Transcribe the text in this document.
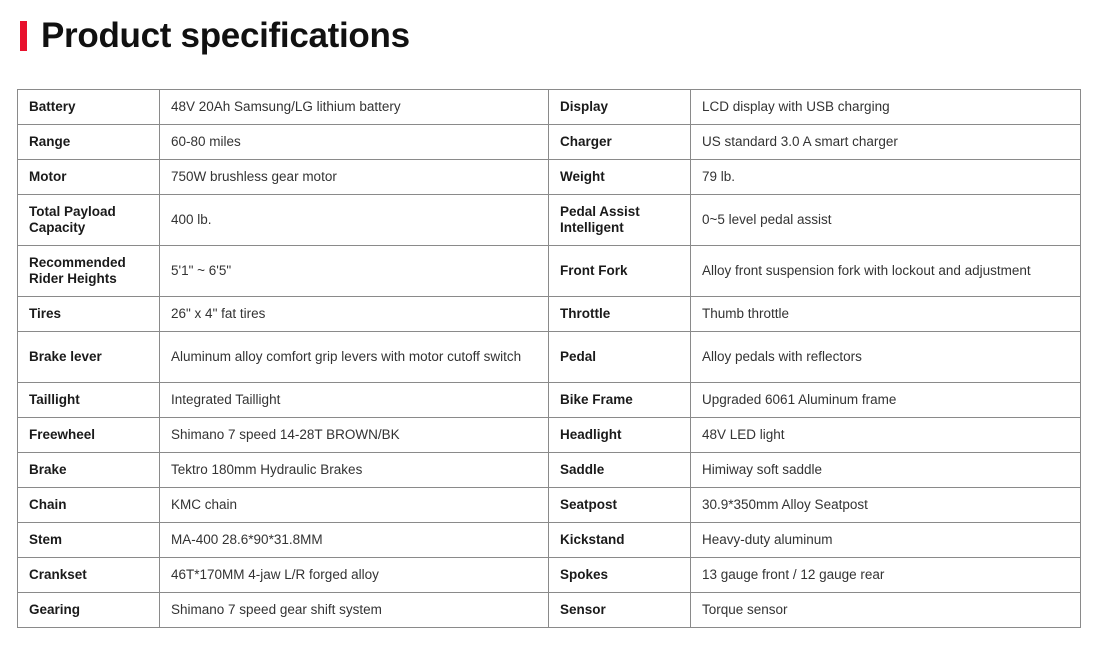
Product specifications
Battery	48V 20Ah Samsung/LG lithium battery	Display	LCD display with USB charging
Range	60-80 miles	Charger	US standard 3.0 A smart charger
Motor	750W brushless gear motor	Weight	79 lb.
Total Payload Capacity	400 lb.	Pedal Assist Intelligent	0~5 level pedal assist
Recommended Rider Heights	5'1" ~ 6'5"	Front Fork	Alloy front suspension fork with lockout and adjustment
Tires	26" x 4" fat tires	Throttle	Thumb throttle
Brake lever	Aluminum alloy comfort grip levers with motor cutoff switch	Pedal	Alloy pedals with reflectors
Taillight	Integrated Taillight	Bike Frame	Upgraded 6061 Aluminum frame
Freewheel	Shimano 7 speed 14-28T BROWN/BK	Headlight	48V LED light
Brake	Tektro 180mm Hydraulic Brakes	Saddle	Himiway soft saddle
Chain	KMC chain	Seatpost	30.9*350mm Alloy Seatpost
Stem	MA-400 28.6*90*31.8MM	Kickstand	Heavy-duty aluminum
Crankset	46T*170MM 4-jaw L/R forged alloy	Spokes	13 gauge front / 12 gauge rear
Gearing	Shimano 7 speed gear shift system	Sensor	Torque sensor
